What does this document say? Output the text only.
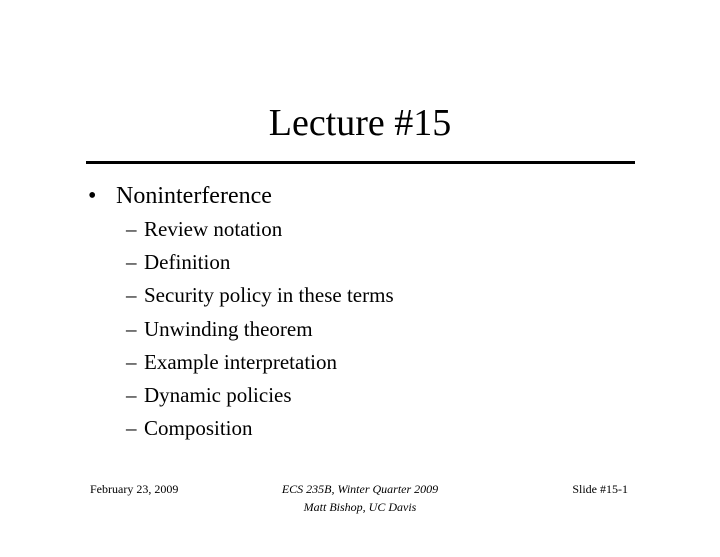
Lecture #15
• Noninterference
– Review notation
– Definition
– Security policy in these terms
– Unwinding theorem
– Example interpretation
– Dynamic policies
– Composition
February 23, 2009	ECS 235B, Winter Quarter 2009
Matt Bishop, UC Davis
Slide #15-1
